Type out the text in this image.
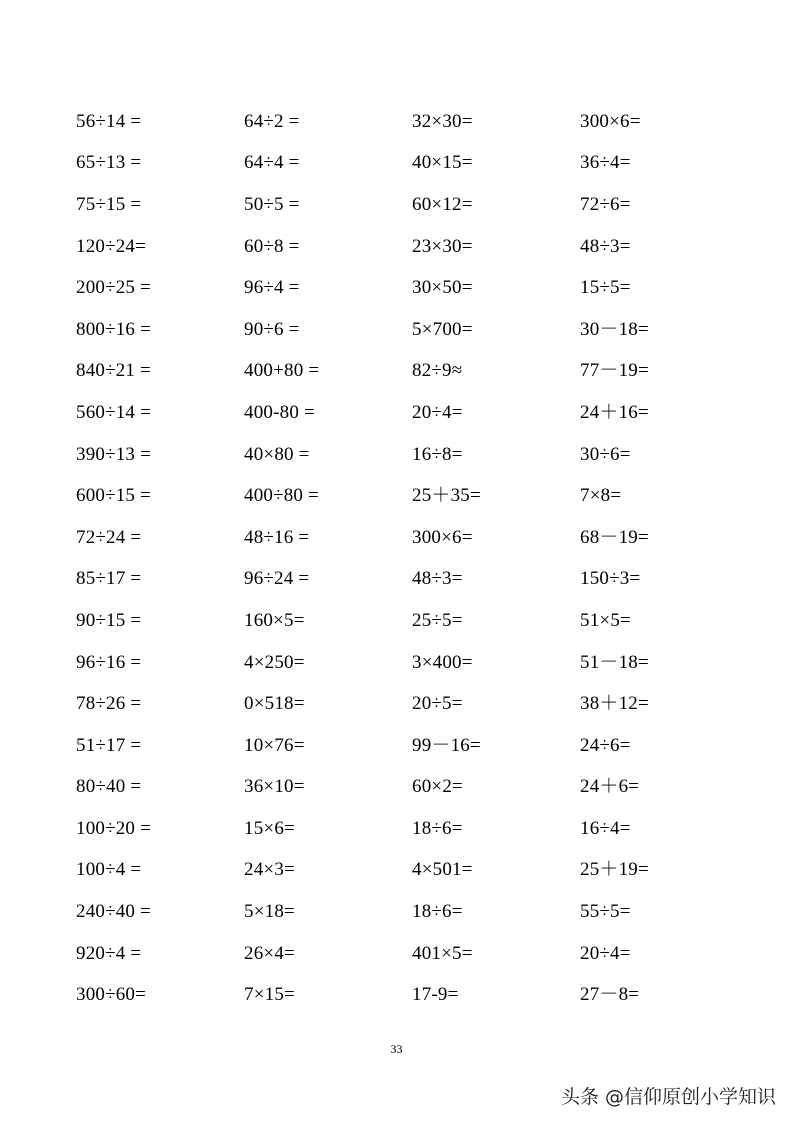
56÷14 =	64÷2 =	32×30=	300×6=
65÷13 =	64÷4 =	40×15=	36÷4=
75÷15 =	50÷5 =	60×12=	72÷6=
120÷24=	60÷8 =	23×30=	48÷3=
200÷25 =	96÷4 =	30×50=	15÷5=
800÷16 =	90÷6 =	5×700=	30－18=
840÷21 =	400+80 =	82÷9≈	77－19=
560÷14 =	400-80 =	20÷4=	24＋16=
390÷13 =	40×80 =	16÷8=	30÷6=
600÷15 =	400÷80 =	25＋35=	7×8=
72÷24 =	48÷16 =	300×6=	68－19=
85÷17 =	96÷24 =	48÷3=	150÷3=
90÷15 =	160×5=	25÷5=	51×5=
96÷16 =	4×250=	3×400=	51－18=
78÷26 =	0×518=	20÷5=	38＋12=
51÷17 =	10×76=	99－16=	24÷6=
80÷40 =	36×10=	60×2=	24＋6=
100÷20 =	15×6=	18÷6=	16÷4=
100÷4 =	24×3=	4×501=	25＋19=
240÷40 =	5×18=	18÷6=	55÷5=
920÷4 =	26×4=	401×5=	20÷4=
300÷60=	7×15=	17-9=	27－8=
33
头条 @信仰原创小学知识
